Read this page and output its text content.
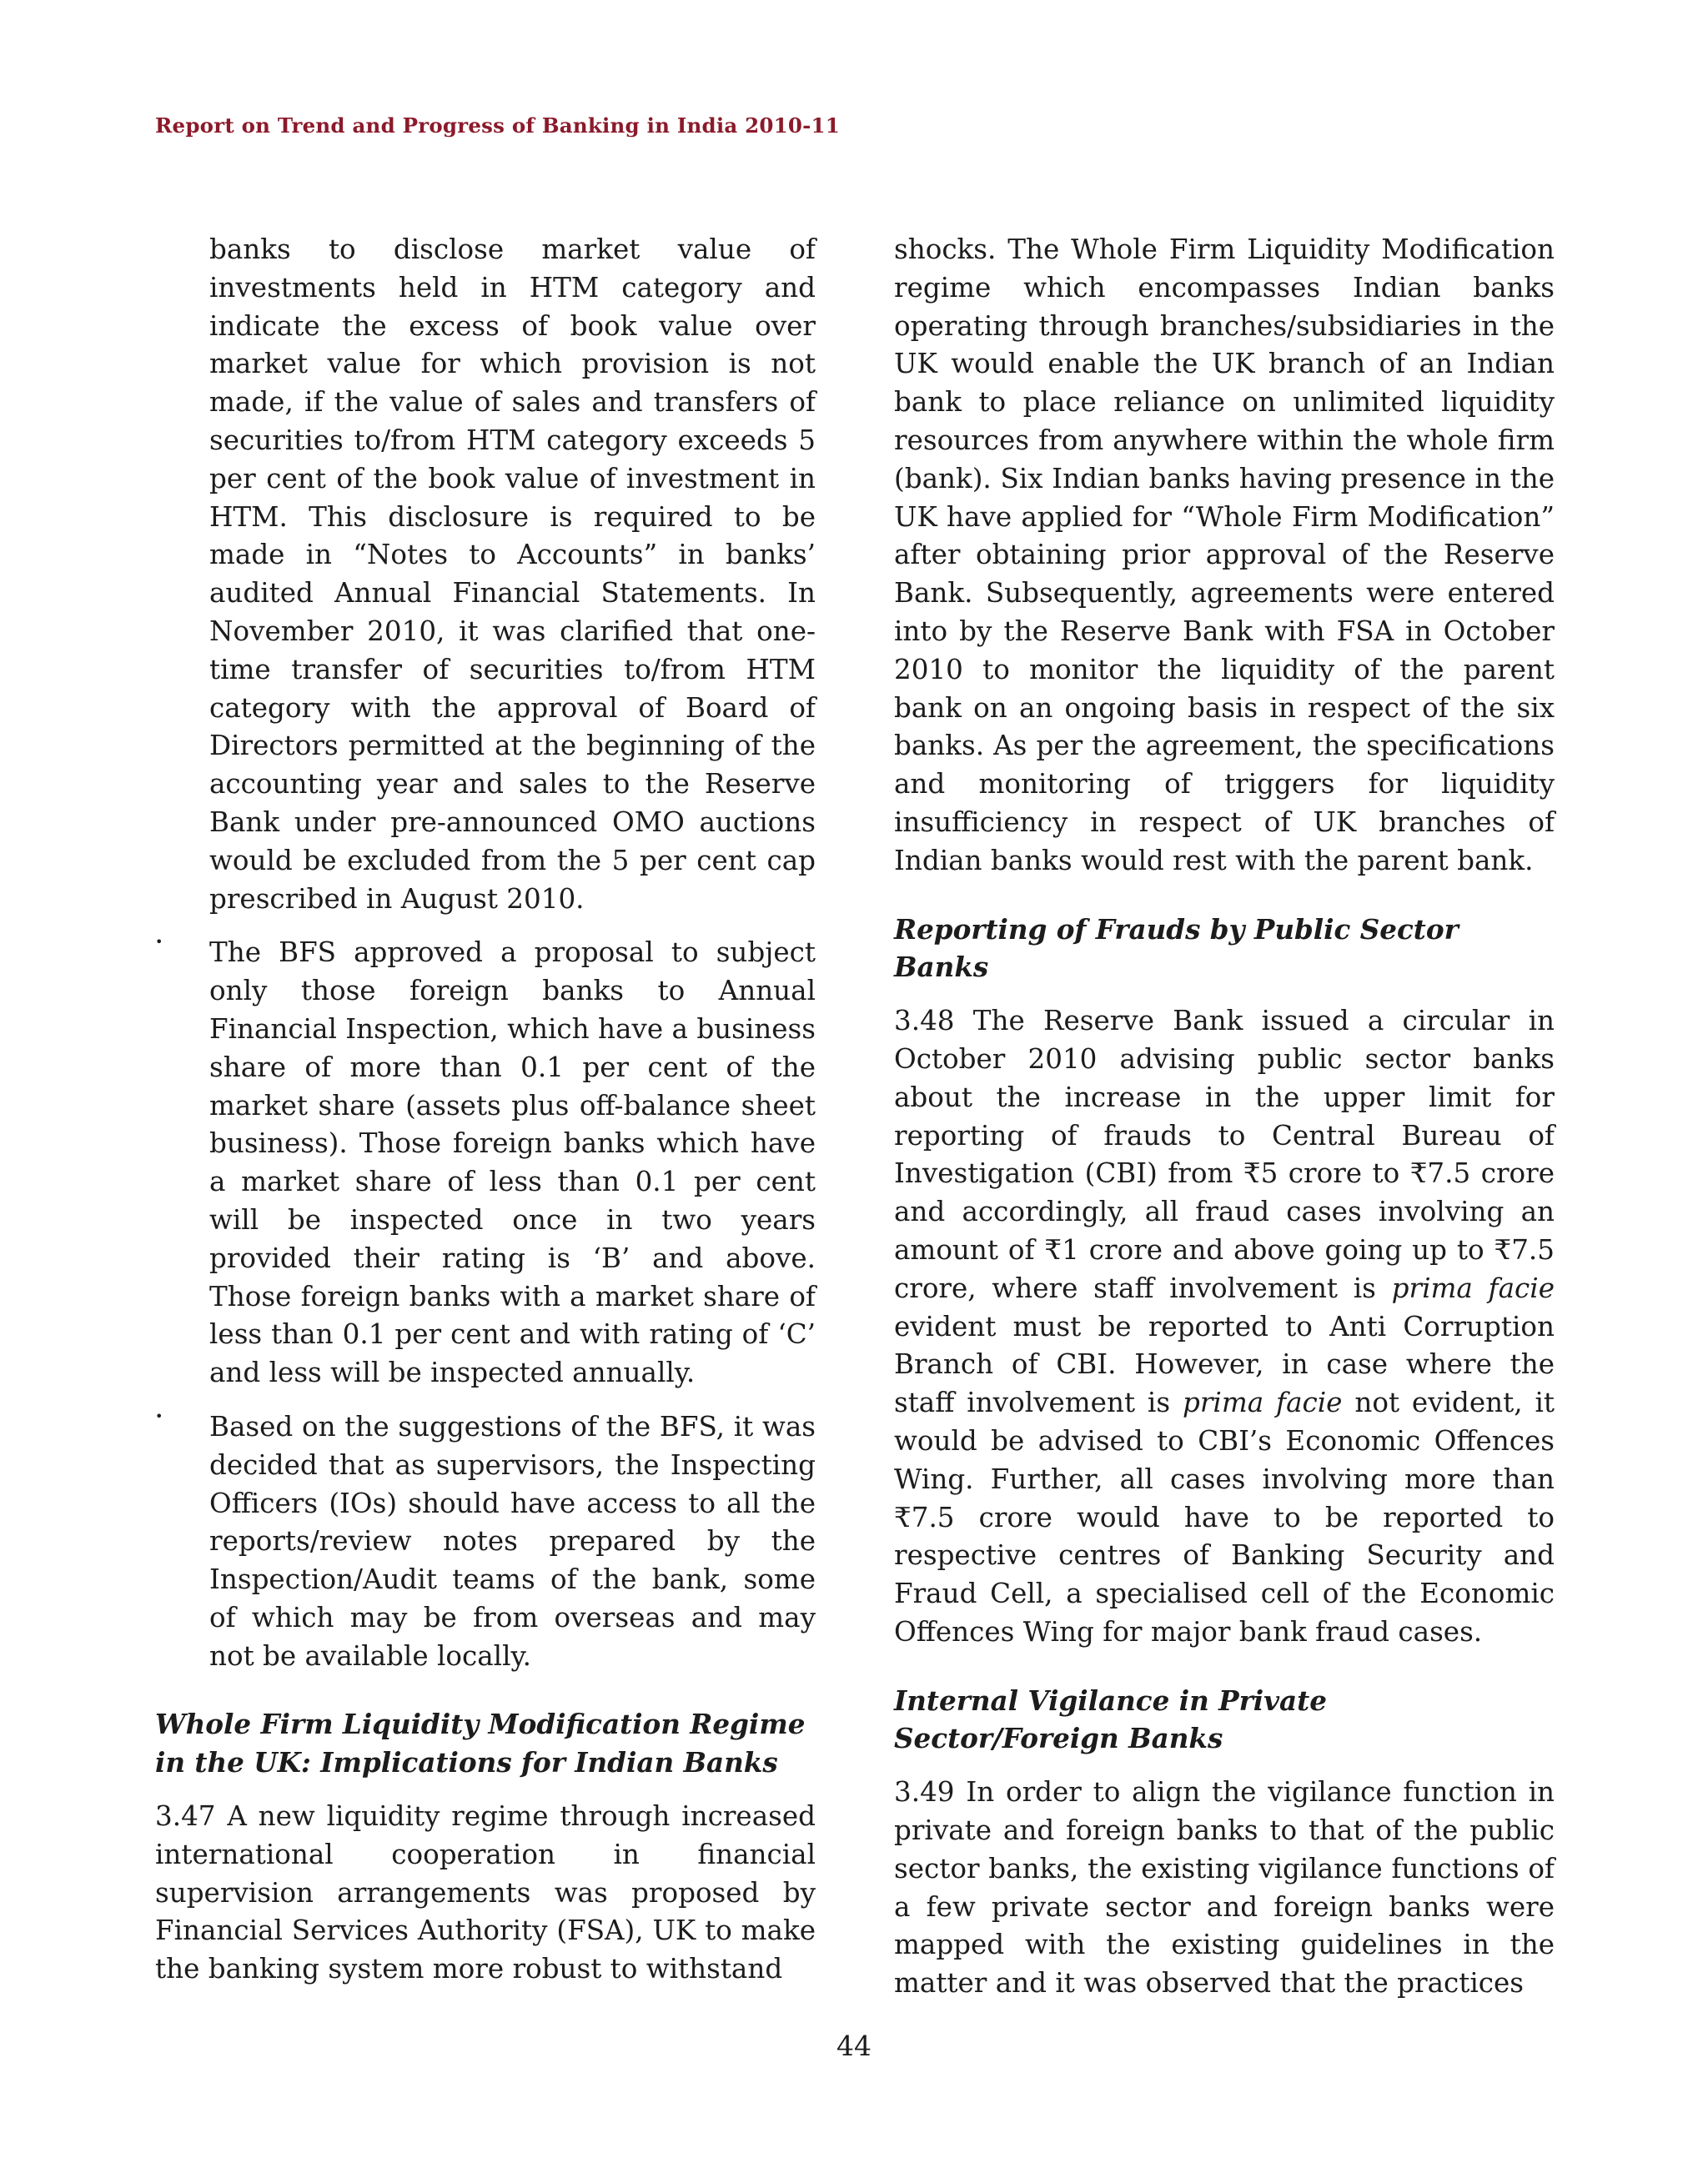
Report on Trend and Progress of Banking in India 2010-11

banks to disclose market value of investments held in HTM category and indicate the excess of book value over market value for which provision is not made, if the value of sales and transfers of securities to/from HTM category exceeds 5 per cent of the book value of investment in HTM. This disclosure is required to be made in “Notes to Accounts” in banks’ audited Annual Financial Statements. In November 2010, it was clarified that one-time transfer of securities to/from HTM category with the approval of Board of Directors permitted at the beginning of the accounting year and sales to the Reserve Bank under pre-announced OMO auctions would be excluded from the 5 per cent cap prescribed in August 2010.

•	The BFS approved a proposal to subject only those foreign banks to Annual Financial Inspection, which have a business share of more than 0.1 per cent of the market share (assets plus off-balance sheet business). Those foreign banks which have a market share of less than 0.1 per cent will be inspected once in two years provided their rating is ‘B’ and above. Those foreign banks with a market share of less than 0.1 per cent and with rating of ‘C’ and less will be inspected annually.

•	Based on the suggestions of the BFS, it was decided that as supervisors, the Inspecting Officers (IOs) should have access to all the reports/review notes prepared by the Inspection/Audit teams of the bank, some of which may be from overseas and may not be available locally.

Whole Firm Liquidity Modification Regime in the UK: Implications for Indian Banks

3.47 A new liquidity regime through increased international cooperation in financial supervision arrangements was proposed by Financial Services Authority (FSA), UK to make the banking system more robust to withstand

shocks. The Whole Firm Liquidity Modification regime which encompasses Indian banks operating through branches/subsidiaries in the UK would enable the UK branch of an Indian bank to place reliance on unlimited liquidity resources from anywhere within the whole firm (bank). Six Indian banks having presence in the UK have applied for “Whole Firm Modification” after obtaining prior approval of the Reserve Bank. Subsequently, agreements were entered into by the Reserve Bank with FSA in October 2010 to monitor the liquidity of the parent bank on an ongoing basis in respect of the six banks. As per the agreement, the specifications and monitoring of triggers for liquidity insufficiency in respect of UK branches of Indian banks would rest with the parent bank.

Reporting of Frauds by Public Sector Banks

3.48 The Reserve Bank issued a circular in October 2010 advising public sector banks about the increase in the upper limit for reporting of frauds to Central Bureau of Investigation (CBI) from ₹5 crore to ₹7.5 crore and accordingly, all fraud cases involving an amount of ₹1 crore and above going up to ₹7.5 crore, where staff involvement is prima facie evident must be reported to Anti Corruption Branch of CBI. However, in case where the staff involvement is prima facie not evident, it would be advised to CBI’s Economic Offences Wing. Further, all cases involving more than ₹7.5 crore would have to be reported to respective centres of Banking Security and Fraud Cell, a specialised cell of the Economic Offences Wing for major bank fraud cases.

Internal Vigilance in Private Sector/Foreign Banks

3.49 In order to align the vigilance function in private and foreign banks to that of the public sector banks, the existing vigilance functions of a few private sector and foreign banks were mapped with the existing guidelines in the matter and it was observed that the practices

44
